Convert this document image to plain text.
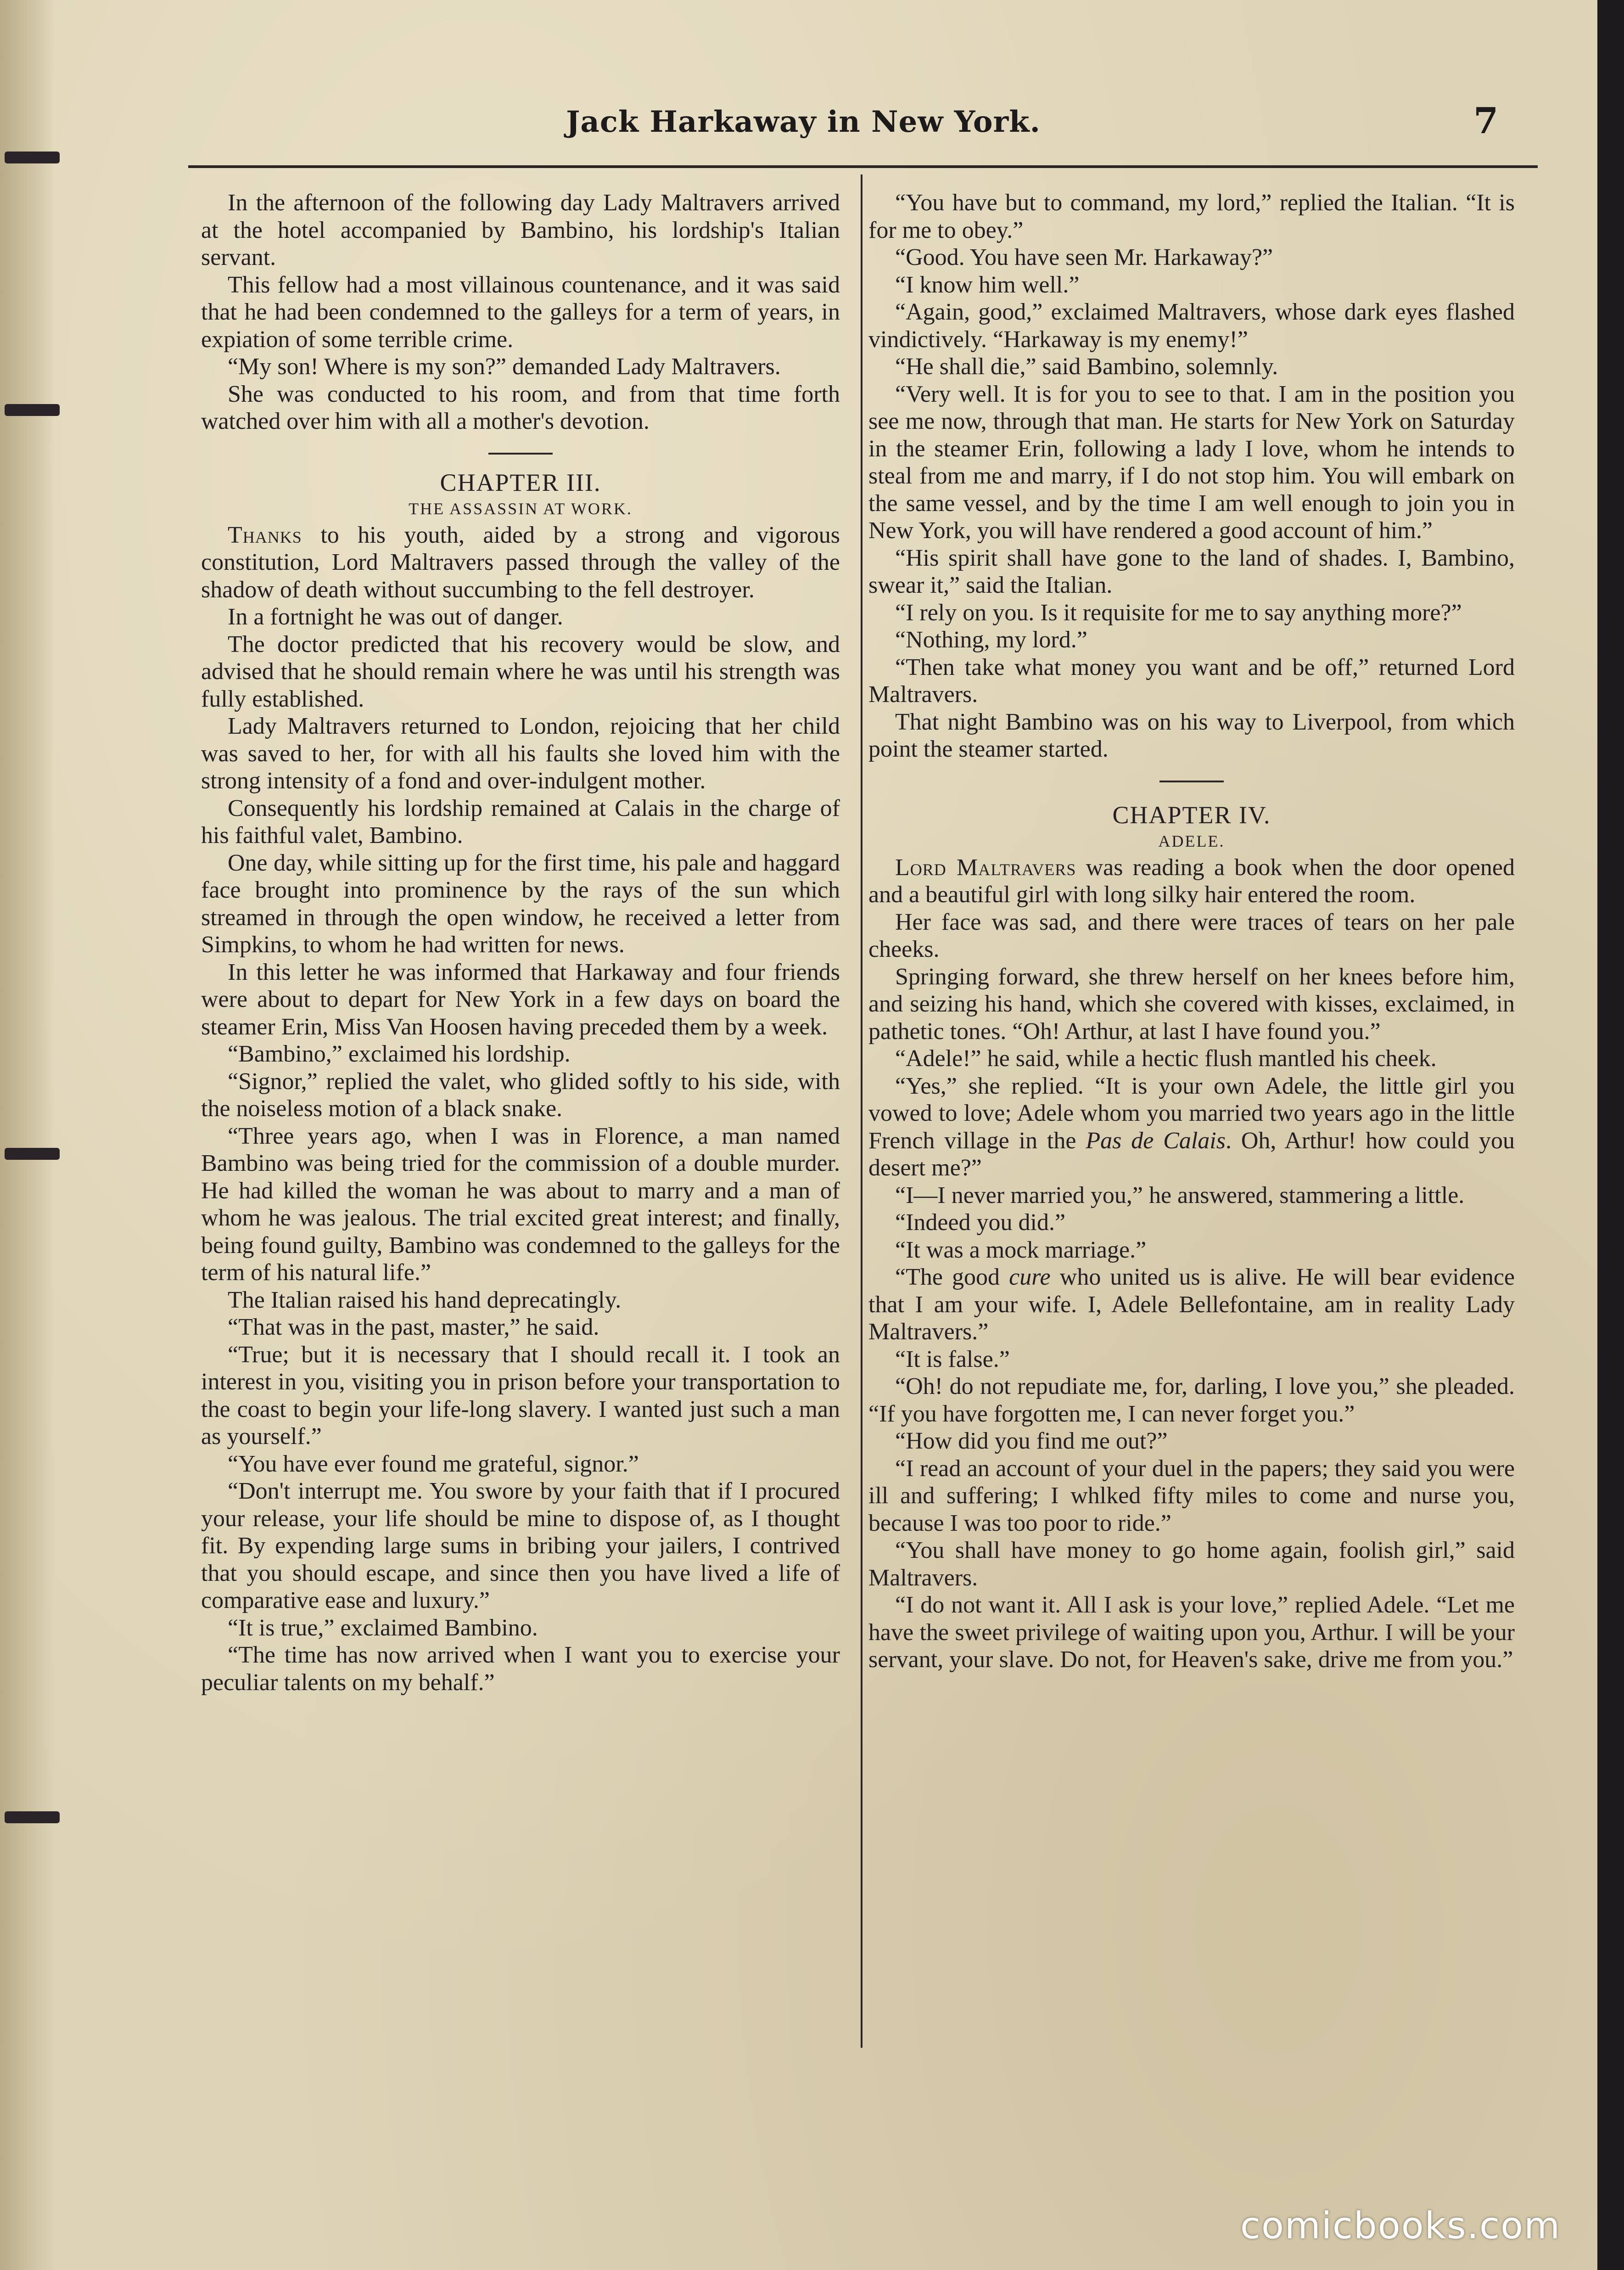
Jack Harkaway in New York.	7

In the afternoon of the following day Lady Maltravers arrived at the hotel accompanied by Bambino, his lordship's Italian servant.

This fellow had a most villainous countenance, and it was said that he had been condemned to the galleys for a term of years, in expiation of some terrible crime.

“My son! Where is my son?” demanded Lady Maltravers.

She was conducted to his room, and from that time forth watched over him with all a mother's devotion.

CHAPTER III.
THE ASSASSIN AT WORK.

Thanks to his youth, aided by a strong and vigorous constitution, Lord Maltravers passed through the valley of the shadow of death without succumbing to the fell destroyer.

In a fortnight he was out of danger.

The doctor predicted that his recovery would be slow, and advised that he should remain where he was until his strength was fully established.

Lady Maltravers returned to London, rejoicing that her child was saved to her, for with all his faults she loved him with the strong intensity of a fond and over-indulgent mother.

Consequently his lordship remained at Calais in the charge of his faithful valet, Bambino.

One day, while sitting up for the first time, his pale and haggard face brought into prominence by the rays of the sun which streamed in through the open window, he received a letter from Simpkins, to whom he had written for news.

In this letter he was informed that Harkaway and four friends were about to depart for New York in a few days on board the steamer Erin, Miss Van Hoosen having preceded them by a week.

“Bambino,” exclaimed his lordship.

“Signor,” replied the valet, who glided softly to his side, with the noiseless motion of a black snake.

“Three years ago, when I was in Florence, a man named Bambino was being tried for the commission of a double murder. He had killed the woman he was about to marry and a man of whom he was jealous. The trial excited great interest; and finally, being found guilty, Bambino was condemned to the galleys for the term of his natural life.”

The Italian raised his hand deprecatingly.

“That was in the past, master,” he said.

“True; but it is necessary that I should recall it. I took an interest in you, visiting you in prison before your transportation to the coast to begin your life-long slavery. I wanted just such a man as yourself.”

“You have ever found me grateful, signor.”

“Don't interrupt me. You swore by your faith that if I procured your release, your life should be mine to dispose of, as I thought fit. By expending large sums in bribing your jailers, I contrived that you should escape, and since then you have lived a life of comparative ease and luxury.”

“It is true,” exclaimed Bambino.

“The time has now arrived when I want you to exercise your peculiar talents on my behalf.”

“You have but to command, my lord,” replied the Italian. “It is for me to obey.”

“Good. You have seen Mr. Harkaway?”

“I know him well.”

“Again, good,” exclaimed Maltravers, whose dark eyes flashed vindictively. “Harkaway is my enemy!”

“He shall die,” said Bambino, solemnly.

“Very well. It is for you to see to that. I am in the position you see me now, through that man. He starts for New York on Saturday in the steamer Erin, following a lady I love, whom he intends to steal from me and marry, if I do not stop him. You will embark on the same vessel, and by the time I am well enough to join you in New York, you will have rendered a good account of him.”

“His spirit shall have gone to the land of shades. I, Bambino, swear it,” said the Italian.

“I rely on you. Is it requisite for me to say anything more?”

“Nothing, my lord.”

“Then take what money you want and be off,” returned Lord Maltravers.

That night Bambino was on his way to Liverpool, from which point the steamer started.

CHAPTER IV.
ADELE.

Lord Maltravers was reading a book when the door opened and a beautiful girl with long silky hair entered the room.

Her face was sad, and there were traces of tears on her pale cheeks.

Springing forward, she threw herself on her knees before him, and seizing his hand, which she covered with kisses, exclaimed, in pathetic tones. “Oh! Arthur, at last I have found you.”

“Adele!” he said, while a hectic flush mantled his cheek.

“Yes,” she replied. “It is your own Adele, the little girl you vowed to love; Adele whom you married two years ago in the little French village in the Pas de Calais. Oh, Arthur! how could you desert me?”

“I—I never married you,” he answered, stammering a little.

“Indeed you did.”

“It was a mock marriage.”

“The good cure who united us is alive. He will bear evidence that I am your wife. I, Adele Bellefontaine, am in reality Lady Maltravers.”

“It is false.”

“Oh! do not repudiate me, for, darling, I love you,” she pleaded. “If you have forgotten me, I can never forget you.”

“How did you find me out?”

“I read an account of your duel in the papers; they said you were ill and suffering; I whlked fifty miles to come and nurse you, because I was too poor to ride.”

“You shall have money to go home again, foolish girl,” said Maltravers.

“I do not want it. All I ask is your love,” replied Adele. “Let me have the sweet privilege of waiting upon you, Arthur. I will be your servant, your slave. Do not, for Heaven's sake, drive me from you.”

comicbooks.com
